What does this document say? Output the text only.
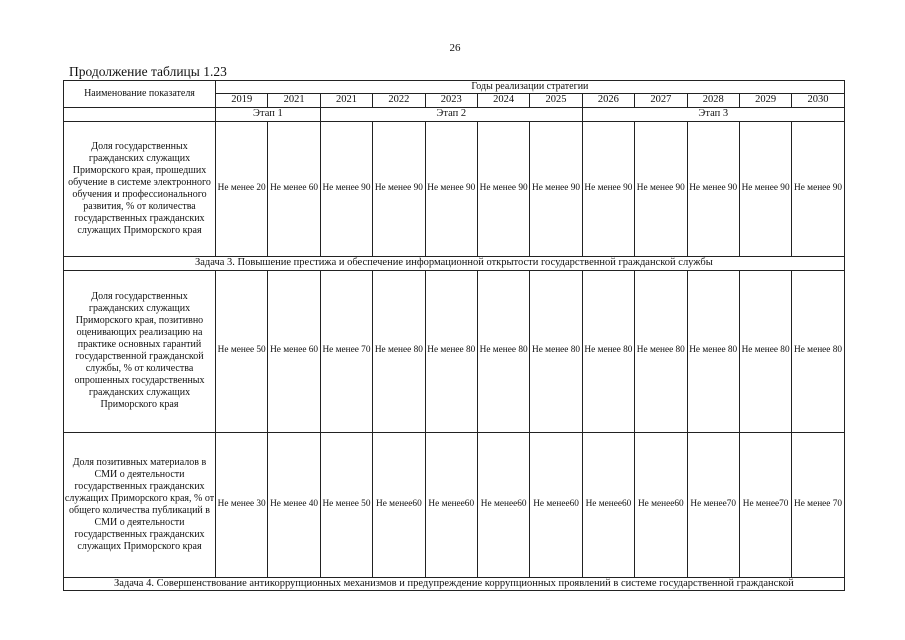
26
Продолжение таблицы 1.23
Наименование показателя	Годы реализации стратегии											
	2019	2021	2021	2022	2023	2024	2025	2026	2027	2028	2029	2030
	Этап 1		Этап 2					Этап 3				
Доля государственных гражданских служащих Приморского края, прошедших обучение в системе электронного обучения и профессионального развития, % от количества государственных гражданских служащих Приморского края	Не менее 20	Не менее 60	Не менее 90	Не менее 90	Не менее 90	Не менее 90	Не менее 90	Не менее 90	Не менее 90	Не менее 90	Не менее 90	Не менее 90
Задача 3. Повышение престижа и обеспечение информационной открытости государственной гражданской службы												
Доля государственных гражданских служащих Приморского края, позитивно оценивающих реализацию на практике основных гарантий государственной гражданской службы, % от количества опрошенных государственных гражданских служащих Приморского края	Не менее 50	Не менее 60	Не менее 70	Не менее 80	Не менее 80	Не менее 80	Не менее 80	Не менее 80	Не менее 80	Не менее 80	Не менее 80	Не менее 80
Доля позитивных материалов в СМИ о деятельности государственных гражданских служащих Приморского края, % от общего количества публикаций в СМИ о деятельности государственных гражданских служащих Приморского края	Не менее 30	Не менее 40	Не менее 50	Не менее60	Не менее60	Не менее60	Не менее60	Не менее60	Не менее60	Не менее70	Не менее70	Не менее 70
Задача 4. Совершенствование антикоррупционных механизмов и предупреждение коррупционных проявлений в системе государственной гражданской												
